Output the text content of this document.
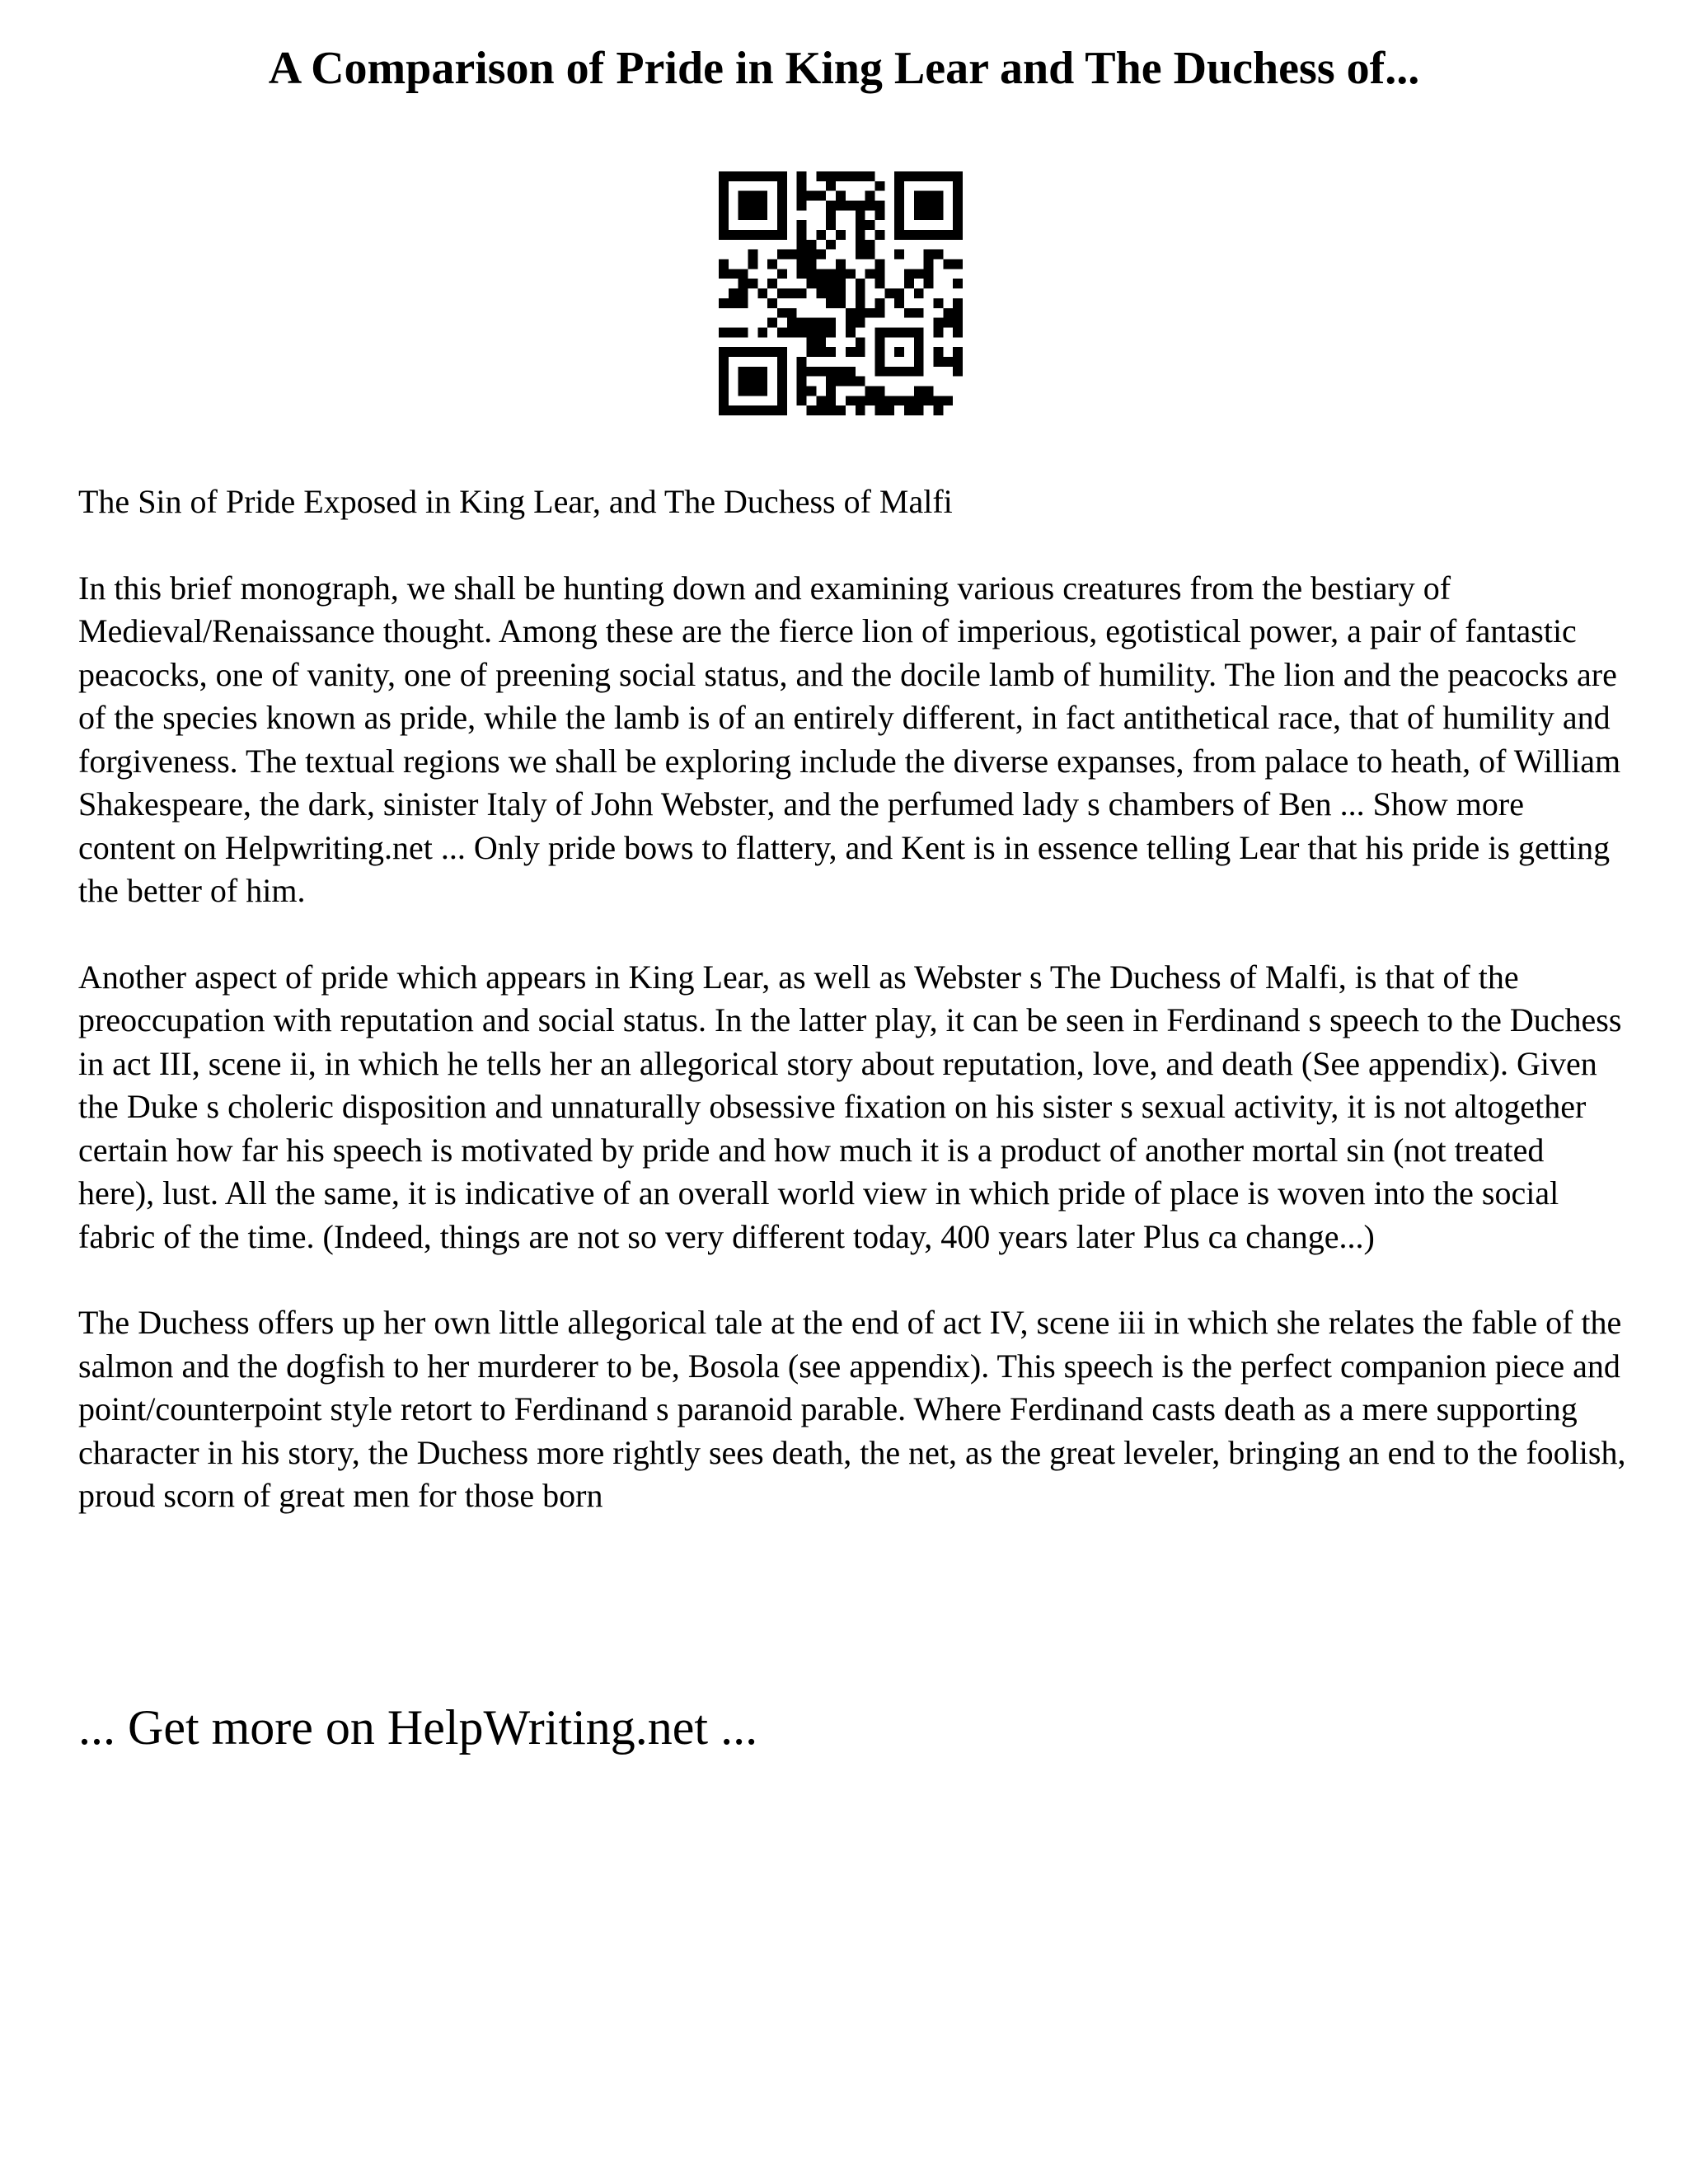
A Comparison of Pride in King Lear and The Duchess of...

The Sin of Pride Exposed in King Lear, and The Duchess of Malfi

In this brief monograph, we shall be hunting down and examining various creatures from the bestiary of Medieval/Renaissance thought. Among these are the fierce lion of imperious, egotistical power, a pair of fantastic peacocks, one of vanity, one of preening social status, and the docile lamb of humility. The lion and the peacocks are of the species known as pride, while the lamb is of an entirely different, in fact antithetical race, that of humility and forgiveness. The textual regions we shall be exploring include the diverse expanses, from palace to heath, of William Shakespeare, the dark, sinister Italy of John Webster, and the perfumed lady s chambers of Ben ... Show more content on Helpwriting.net ... Only pride bows to flattery, and Kent is in essence telling Lear that his pride is getting the better of him.

Another aspect of pride which appears in King Lear, as well as Webster s The Duchess of Malfi, is that of the preoccupation with reputation and social status. In the latter play, it can be seen in Ferdinand s speech to the Duchess in act III, scene ii, in which he tells her an allegorical story about reputation, love, and death (See appendix). Given the Duke s choleric disposition and unnaturally obsessive fixation on his sister s sexual activity, it is not altogether certain how far his speech is motivated by pride and how much it is a product of another mortal sin (not treated here), lust. All the same, it is indicative of an overall world view in which pride of place is woven into the social fabric of the time. (Indeed, things are not so very different today, 400 years later Plus ca change...)

The Duchess offers up her own little allegorical tale at the end of act IV, scene iii in which she relates the fable of the salmon and the dogfish to her murderer to be, Bosola (see appendix). This speech is the perfect companion piece and point/counterpoint style retort to Ferdinand s paranoid parable. Where Ferdinand casts death as a mere supporting character in his story, the Duchess more rightly sees death, the net, as the great leveler, bringing an end to the foolish, proud scorn of great men for those born

... Get more on HelpWriting.net ...
